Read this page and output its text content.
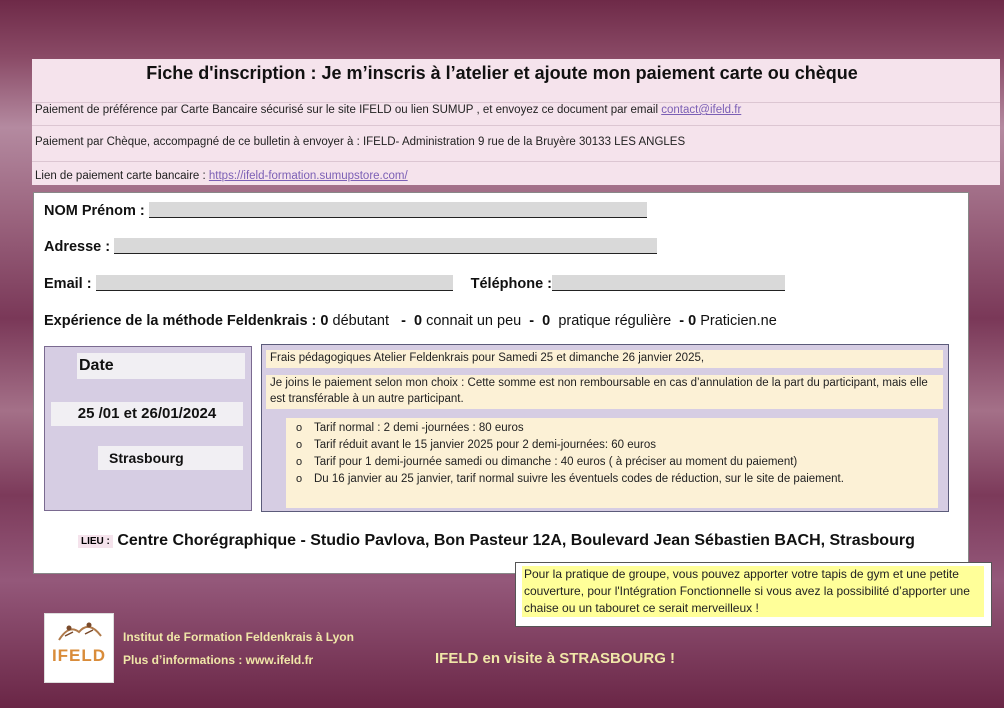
Fiche d'inscription : Je m’inscris à l’atelier et ajoute mon paiement carte ou chèque
Paiement de préférence par Carte Bancaire sécurisé sur le site IFELD ou lien SUMUP , et envoyez ce document par email contact@ifeld.fr
Paiement par Chèque, accompagné de ce bulletin à envoyer à : IFELD- Administration 9 rue de la Bruyère 30133 LES ANGLES
Lien de paiement carte bancaire : https://ifeld-formation.sumupstore.com/
NOM Prénom :
Adresse :
Email :	Téléphone :
Expérience de la méthode Feldenkrais : 0 débutant   -  0 connait un peu  -  0 pratique régulière  - 0 Praticien.ne
Date
25 /01 et 26/01/2024
Strasbourg
Frais pédagogiques Atelier Feldenkrais pour Samedi 25 et dimanche 26 janvier 2025,
Je joins le paiement selon mon choix : Cette somme est non remboursable en cas d’annulation de la part du participant, mais elle est transférable à un autre participant.
o Tarif normal : 2 demi -journées : 80 euros
o Tarif réduit avant le 15 janvier 2025 pour 2 demi-journées: 60 euros
o Tarif pour 1 demi-journée samedi ou dimanche : 40 euros ( à préciser au moment du paiement)
o Du 16 janvier au 25 janvier, tarif normal suivre les éventuels codes de réduction, sur le site de paiement.
LIEU : Centre Chorégraphique - Studio Pavlova, Bon Pasteur 12A, Boulevard Jean Sébastien BACH, Strasbourg
Pour la pratique de groupe, vous pouvez apporter votre tapis de gym et une petite couverture, pour l'Intégration Fonctionnelle si vous avez la possibilité d’apporter une chaise ou un tabouret ce serait merveilleux !
IFELD
Institut de Formation Feldenkrais à Lyon
Plus d’informations : www.ifeld.fr	IFELD en visite à STRASBOURG !
